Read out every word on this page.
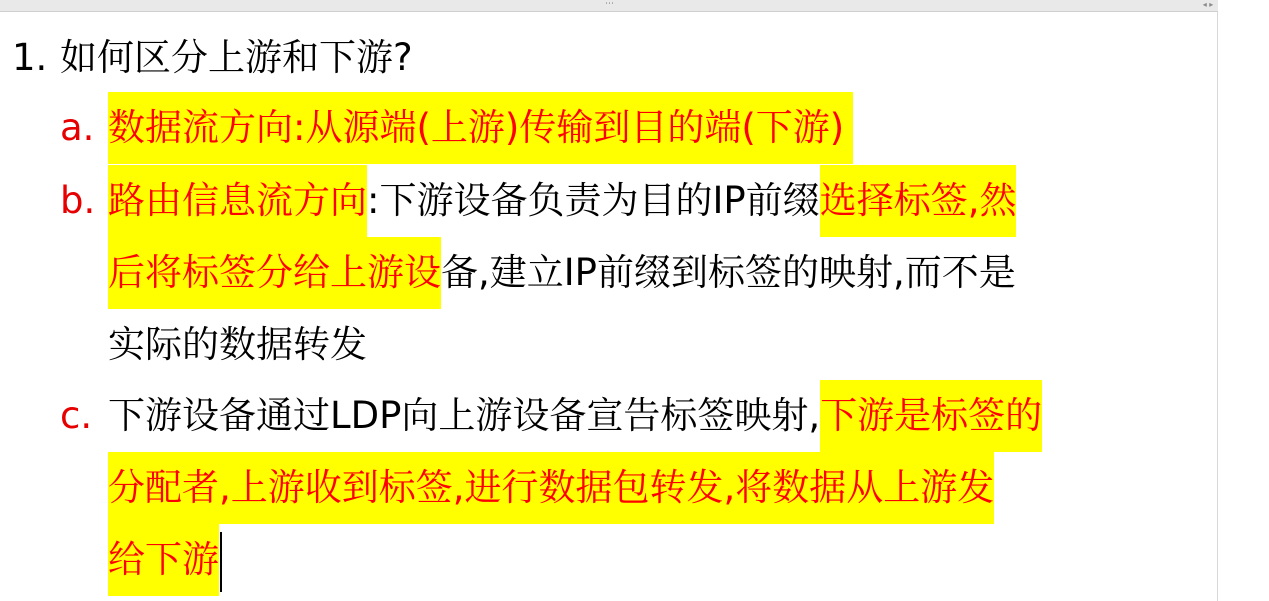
⋯	◂ ▸
1. 如何区分上游和下游?
a. 数据流方向:从源端(上游)传输到目的端(下游)
b. 路由信息流方向:下游设备负责为目的IP前缀选择标签,然
后将标签分给上游设备,建立IP前缀到标签的映射,而不是
实际的数据转发
c. 下游设备通过LDP向上游设备宣告标签映射,下游是标签的
分配者,上游收到标签,进行数据包转发,将数据从上游发
给下游
